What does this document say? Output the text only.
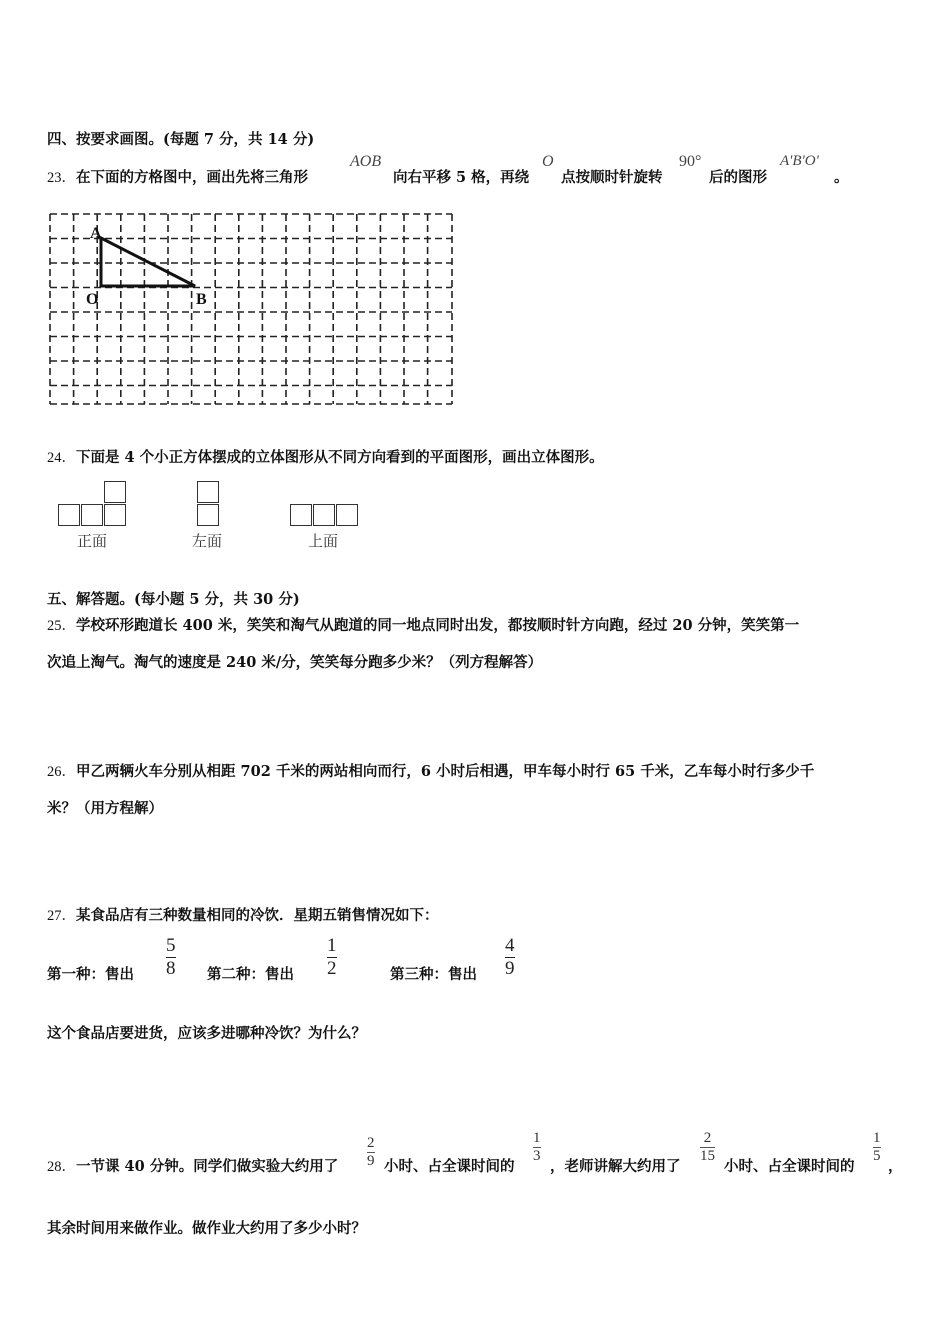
四、按要求画图。(每题 7 分，共 14 分)
23．在下面的方格图中，画出先将三角形
AOB
向右平移 5 格，再绕
O
点按顺时针旋转
90°
后的图形
A'B'O'
。
A
O	B
24．下面是 4 个小正方体摆成的立体图形从不同方向看到的平面图形，画出立体图形。
正面	左面	上面
五、解答题。(每小题 5 分，共 30 分)
25．学校环形跑道长 400 米，笑笑和淘气从跑道的同一地点同时出发，都按顺时针方向跑，经过 20 分钟，笑笑第一
次追上淘气。淘气的速度是 240 米/分，笑笑每分跑多少米？（列方程解答）
26．甲乙两辆火车分别从相距 702 千米的两站相向而行，6 小时后相遇，甲车每小时行 65 千米，乙车每小时行多少千
米？（用方程解）
27．某食品店有三种数量相同的冷饮．星期五销售情况如下：
第一种：售出
5
8 第二种：售出
1
2	第三种：售出
4
9
这个食品店要进货，应该多进哪种冷饮？为什么？
28．一节课 40 分钟。同学们做实验大约用了
2
9 小时、占全课时间的
1
3
，老师讲解大约用了
2
15
小时、占全课时间的
1
5
，
其余时间用来做作业。做作业大约用了多少小时？
